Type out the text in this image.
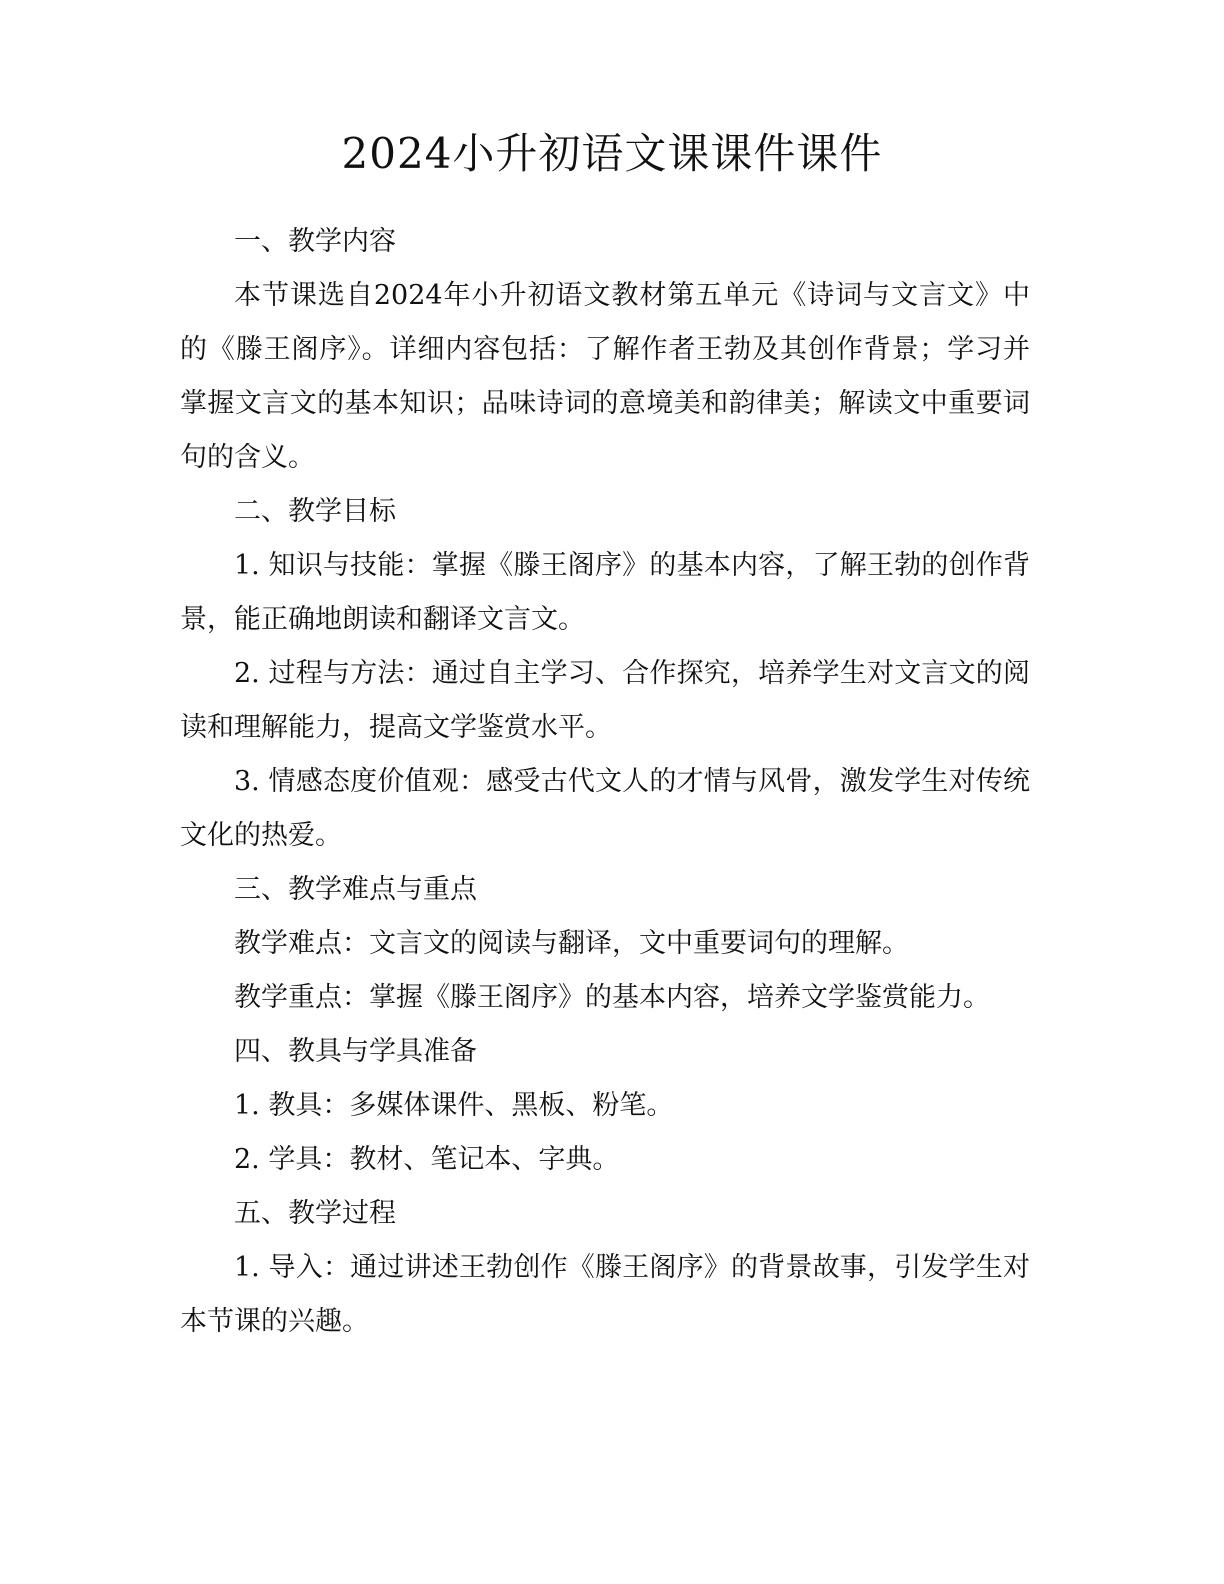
2024小升初语文课课件课件

一、教学内容

本节课选自2024年小升初语文教材第五单元《诗词与文言文》中的《滕王阁序》。详细内容包括：了解作者王勃及其创作背景；学习并掌握文言文的基本知识；品味诗词的意境美和韵律美；解读文中重要词句的含义。

二、教学目标

1. 知识与技能：掌握《滕王阁序》的基本内容，了解王勃的创作背景，能正确地朗读和翻译文言文。

2. 过程与方法：通过自主学习、合作探究，培养学生对文言文的阅读和理解能力，提高文学鉴赏水平。

3. 情感态度价值观：感受古代文人的才情与风骨，激发学生对传统文化的热爱。

三、教学难点与重点

教学难点：文言文的阅读与翻译，文中重要词句的理解。

教学重点：掌握《滕王阁序》的基本内容，培养文学鉴赏能力。

四、教具与学具准备

1. 教具：多媒体课件、黑板、粉笔。

2. 学具：教材、笔记本、字典。

五、教学过程

1. 导入：通过讲述王勃创作《滕王阁序》的背景故事，引发学生对本节课的兴趣。
